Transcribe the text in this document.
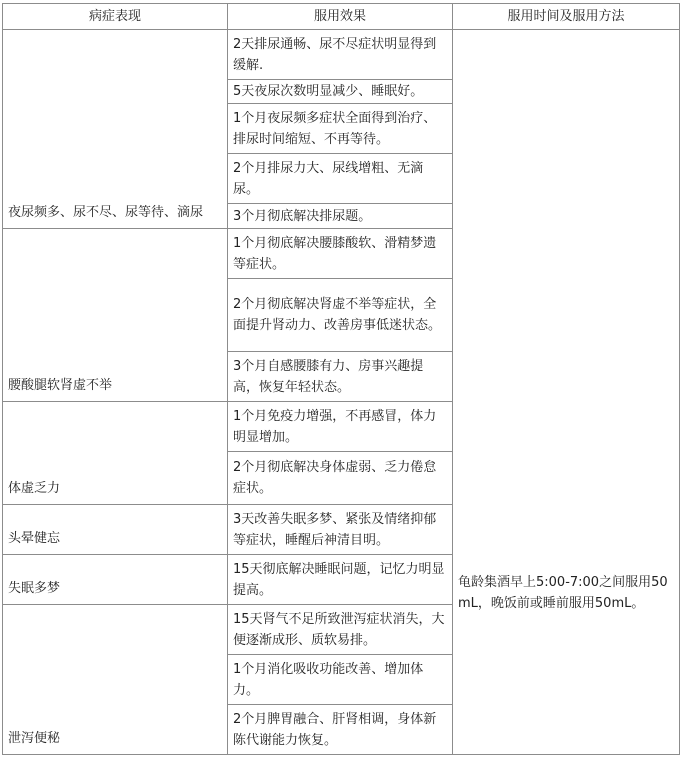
病症表现	服用效果	服用时间及服用方法
夜尿频多、尿不尽、尿等待、滴尿	2天排尿通畅、尿不尽症状明显得到缓解.	龟龄集酒早上5:00-7:00之间服用50mL，晚饭前或睡前服用50mL。
	5天夜尿次数明显减少、睡眠好。	
	1个月夜尿频多症状全面得到治疗、排尿时间缩短、不再等待。	
	2个月排尿力大、尿线增粗、无滴尿。	
	3个月彻底解决排尿题。	
腰酸腿软肾虚不举	1个月彻底解决腰膝酸软、滑精梦遗等症状。	
	2个月彻底解决肾虚不举等症状，全面提升肾动力、改善房事低迷状态。	
	3个月自感腰膝有力、房事兴趣提高，恢复年轻状态。	
体虚乏力	1个月免疫力增强，不再感冒，体力明显增加。	
	2个月彻底解决身体虚弱、乏力倦怠症状。	
头晕健忘	3天改善失眠多梦、紧张及情绪抑郁等症状，睡醒后神清目明。	
失眠多梦	15天彻底解决睡眠问题，记忆力明显提高。	
泄泻便秘	15天肾气不足所致泄泻症状消失，大便逐渐成形、质软易排。	
	1个月消化吸收功能改善、增加体力。	
	2个月脾胃融合、肝肾相调，身体新陈代谢能力恢复。	
